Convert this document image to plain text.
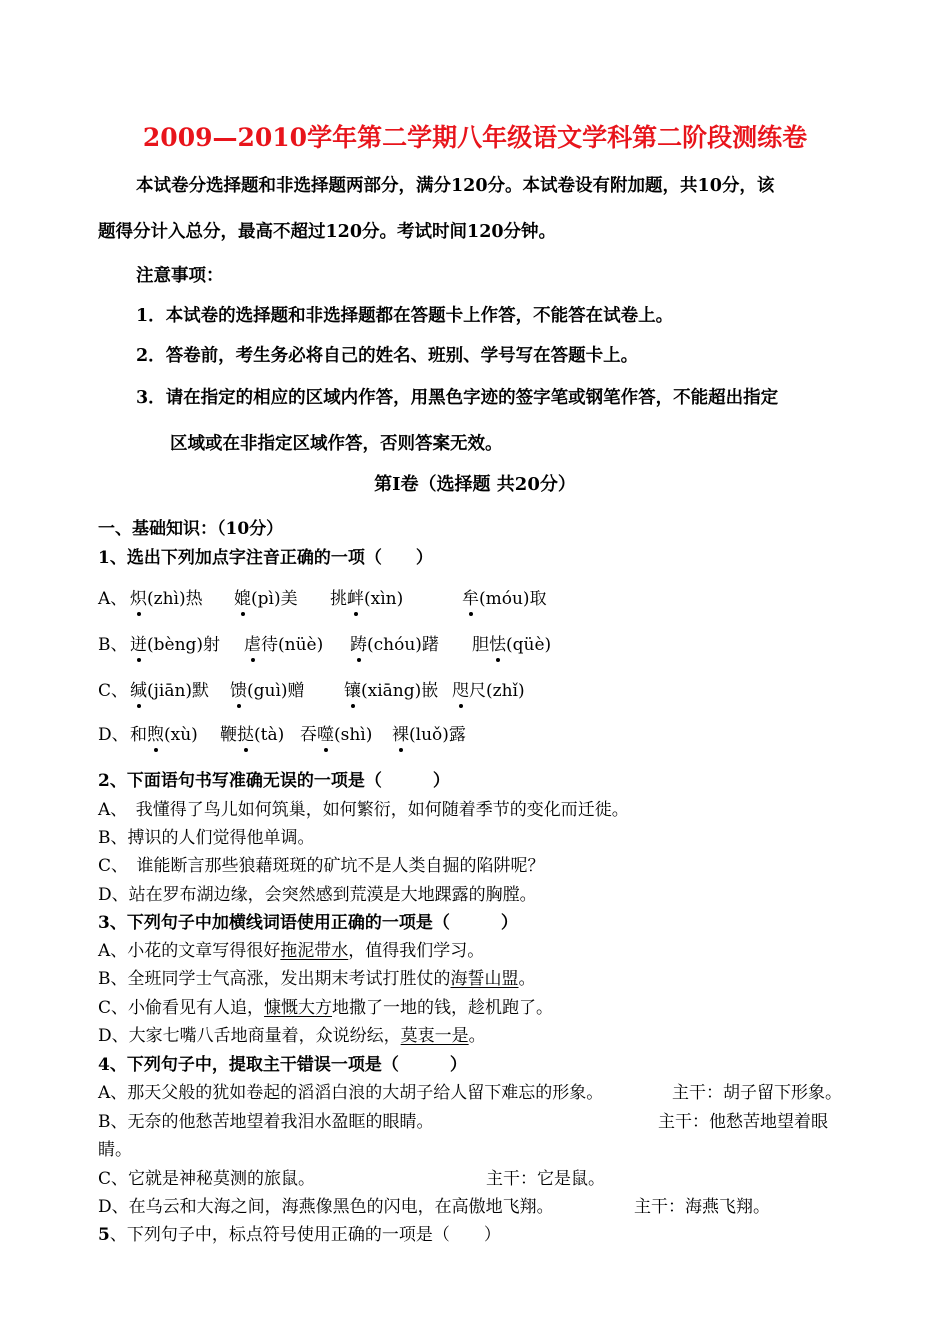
2009—2010学年第二学期八年级语文学科第二阶段测练卷
本试卷分选择题和非选择题两部分，满分120分。本试卷设有附加题，共10分，该
题得分计入总分，最高不超过120分。考试时间120分钟。
注意事项：
1．本试卷的选择题和非选择题都在答题卡上作答，不能答在试卷上。
2．答卷前，考生务必将自己的姓名、班别、学号写在答题卡上。
3．请在指定的相应的区域内作答，用黑色字迹的签字笔或钢笔作答，不能超出指定
区域或在非指定区域作答，否则答案无效。
第Ⅰ卷（选择题 共20分）
一、基础知识：（10分）
1、选出下列加点字注音正确的一项（　　）
A、 炽(zhì)热 媲(pì)美 挑衅(xìn)	牟(móu)取
B、 迸(bèng)射 虐待(nüè) 踌(chóu)躇 胆怯(qüè)
C、 缄(jiān)默 馈(guì)赠 镶(xiāng)嵌 咫尺(zhǐ)
D、 和煦(xù) 鞭挞(tà) 吞噬(shì) 裸(luǒ)露
2、下面语句书写准确无误的一项是（　　　）
A、　我懂得了鸟儿如何筑巢，如何繁衍，如何随着季节的变化而迁徙。
B、搏识的人们觉得他单调。
C、　谁能断言那些狼藉斑斑的矿坑不是人类自掘的陷阱呢？
D、站在罗布湖边缘，会突然感到荒漠是大地踝露的胸膛。
3、下列句子中加横线词语使用正确的一项是（　　　）
A、小花的文章写得很好拖泥带水，值得我们学习。
B、全班同学士气高涨，发出期末考试打胜仗的海誓山盟。
C、小偷看见有人追，慷慨大方地撒了一地的钱，趁机跑了。
D、大家七嘴八舌地商量着，众说纷纭，莫衷一是。
4、下列句子中，提取主干错误一项是（　　　）
A、那天父般的犹如卷起的滔滔白浪的大胡子给人留下难忘的形象。	主干：胡子留下形象。
B、无奈的他愁苦地望着我泪水盈眶的眼睛。	主干：他愁苦地望着眼
睛。
C、它就是神秘莫测的旅鼠。	主干：它是鼠。
D、在乌云和大海之间，海燕像黑色的闪电，在高傲地飞翔。	主干：海燕飞翔。
5、下列句子中，标点符号使用正确的一项是（　　）
